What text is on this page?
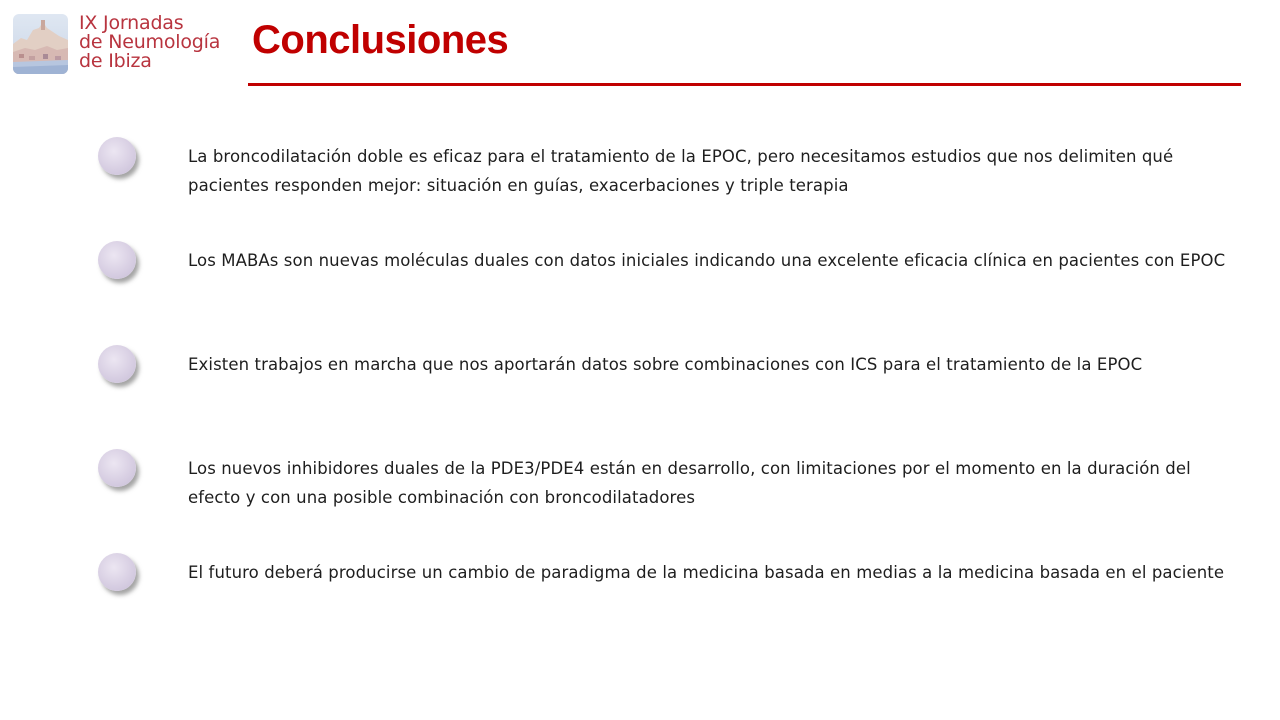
IX Jornadas
de Neumología
de Ibiza	Conclusiones
La broncodilatación doble es eficaz para el tratamiento de la EPOC, pero necesitamos estudios que nos delimiten qué pacientes responden mejor: situación en guías, exacerbaciones y triple terapia
Los MABAs son nuevas moléculas duales con datos iniciales indicando una excelente eficacia clínica en pacientes con EPOC
Existen trabajos en marcha que nos aportarán datos sobre combinaciones con ICS para el tratamiento de la EPOC
Los nuevos inhibidores duales de la PDE3/PDE4 están en desarrollo, con limitaciones por el momento en la duración del efecto y con una posible combinación con broncodilatadores
El futuro deberá producirse un cambio de paradigma de la medicina basada en medias a la medicina basada en el paciente
